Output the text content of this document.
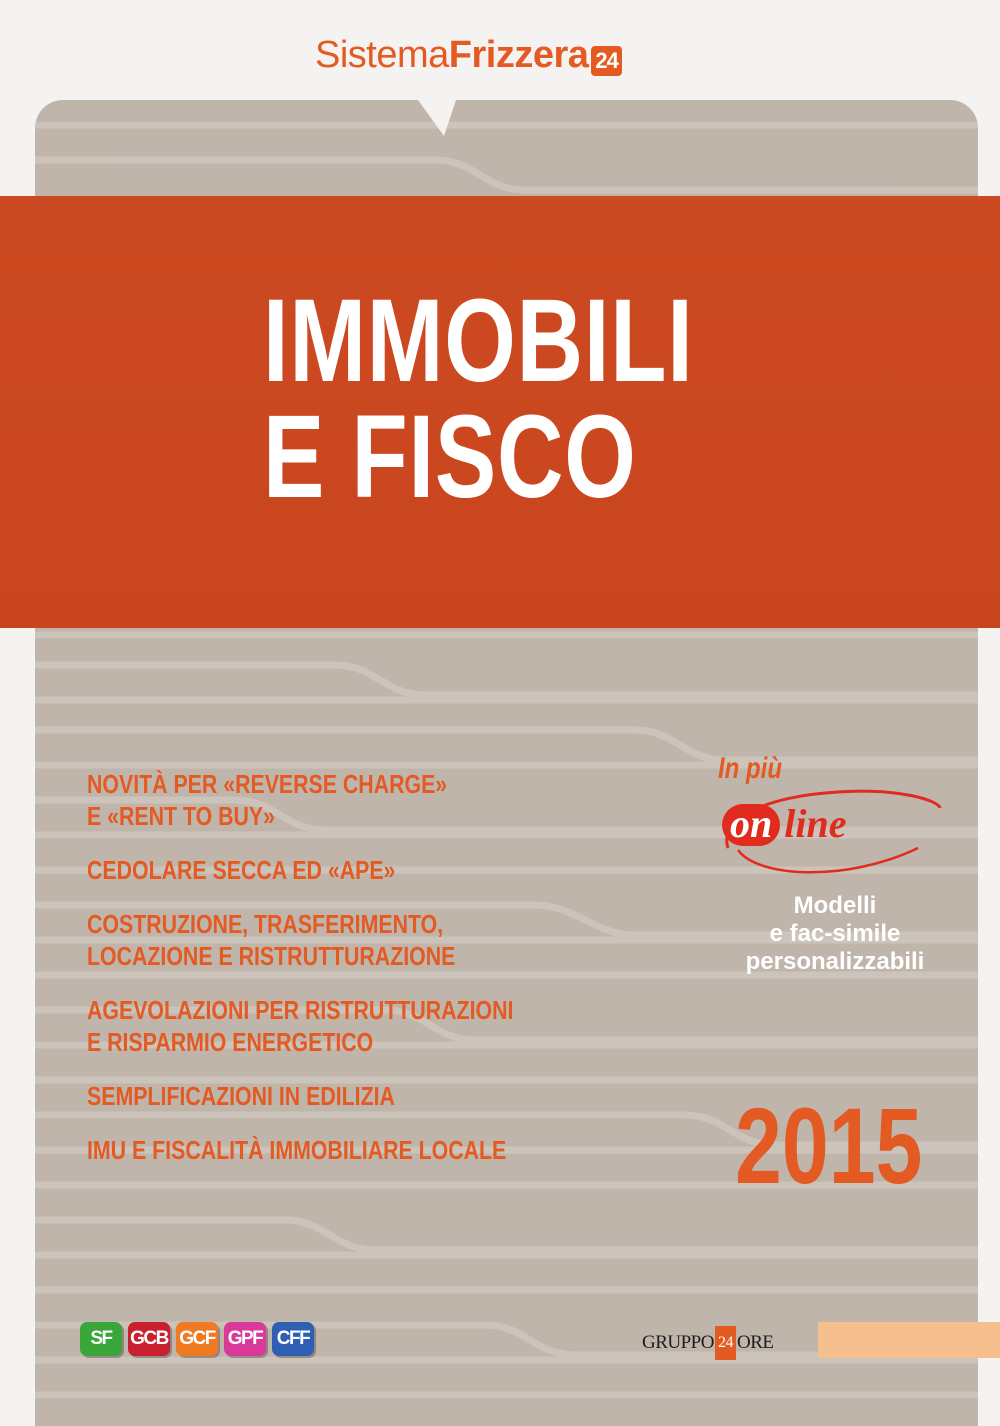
Sistema Frizzera 24
IMMOBILI
E FISCO
NOVITÀ PER «REVERSE CHARGE»
E «RENT TO BUY»
CEDOLARE SECCA ED «APE»
COSTRUZIONE, TRASFERIMENTO,
LOCAZIONE E RISTRUTTURAZIONE
AGEVOLAZIONI PER RISTRUTTURAZIONI
E RISPARMIO ENERGETICO
SEMPLIFICAZIONI IN EDILIZIA
IMU E FISCALITÀ IMMOBILIARE LOCALE
In più
on line
Modelli
e fac-simile
personalizzabili
2015
SF GCB GCF GPF CFF	GRUPPO 24 ORE
